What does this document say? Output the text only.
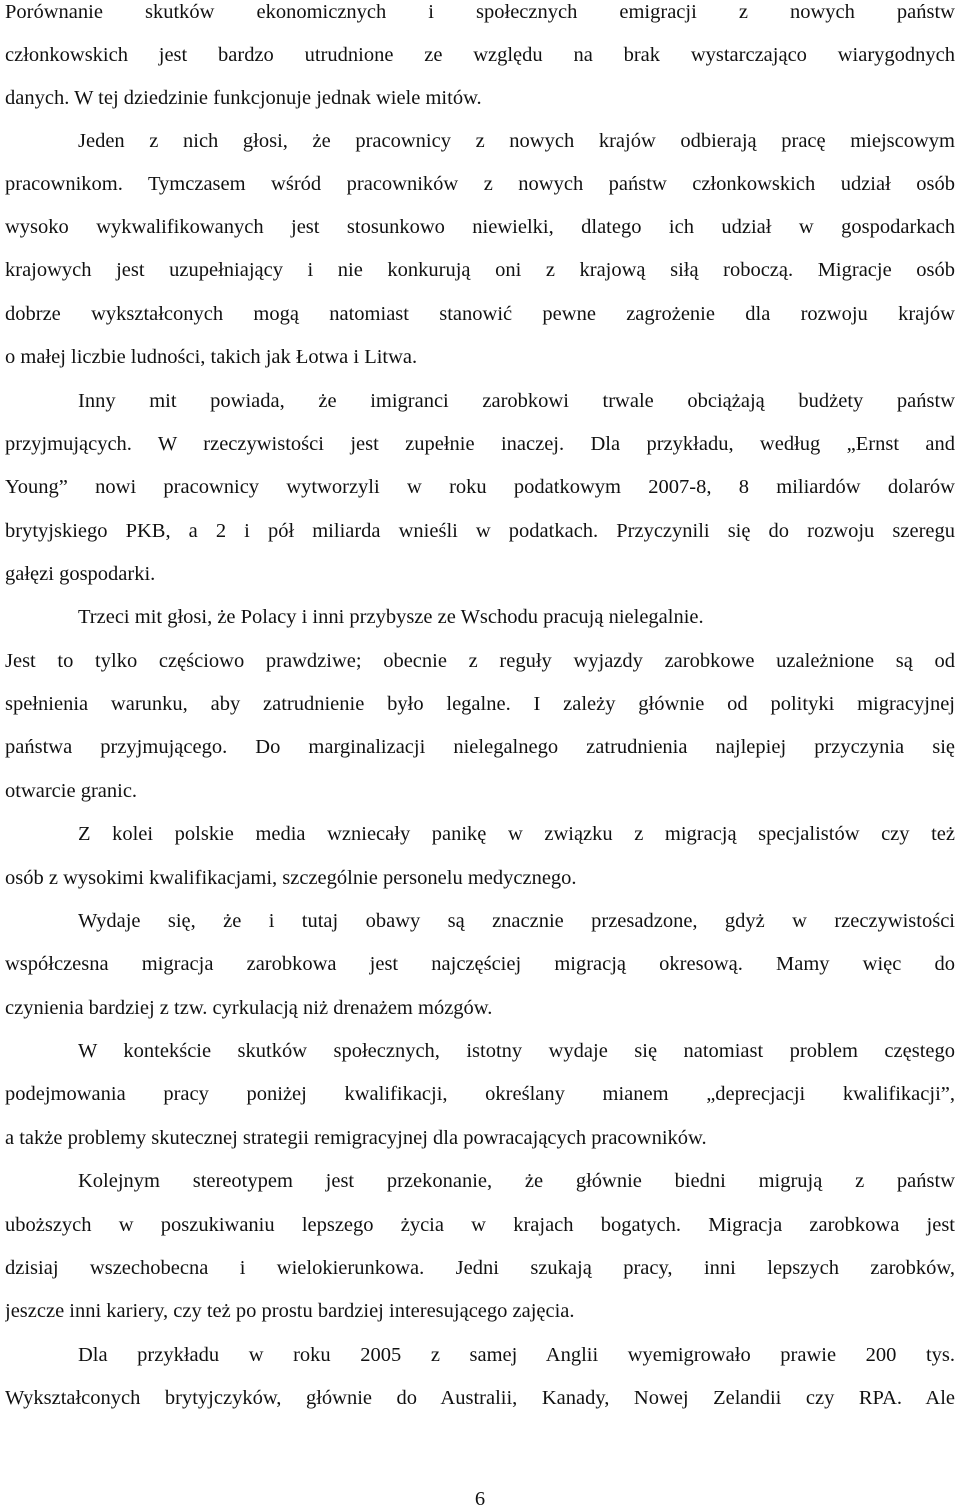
Porównanie skutków ekonomicznych i społecznych emigracji z nowych państw
członkowskich jest bardzo utrudnione ze względu na brak wystarczająco wiarygodnych
danych. W tej dziedzinie funkcjonuje jednak wiele mitów.
Jeden z nich głosi, że pracownicy z nowych krajów odbierają pracę miejscowym
pracownikom. Tymczasem wśród pracowników z nowych państw członkowskich udział osób
wysoko wykwalifikowanych jest stosunkowo niewielki, dlatego ich udział w gospodarkach
krajowych jest uzupełniający i nie konkurują oni z krajową siłą roboczą. Migracje osób
dobrze wykształconych mogą natomiast stanowić pewne zagrożenie dla rozwoju krajów
o małej liczbie ludności, takich jak Łotwa i Litwa.
Inny mit powiada, że imigranci zarobkowi trwale obciążają budżety państw
przyjmujących. W rzeczywistości jest zupełnie inaczej. Dla przykładu, według „Ernst and
Young” nowi pracownicy wytworzyli w roku podatkowym 2007-8, 8 miliardów dolarów
brytyjskiego PKB, a 2 i pół miliarda wnieśli w podatkach. Przyczynili się do rozwoju szeregu
gałęzi gospodarki.
Trzeci mit głosi, że Polacy i inni przybysze ze Wschodu pracują nielegalnie.
Jest to tylko częściowo prawdziwe; obecnie z reguły wyjazdy zarobkowe uzależnione są od
spełnienia warunku, aby zatrudnienie było legalne. I zależy głównie od polityki migracyjnej
państwa przyjmującego. Do marginalizacji nielegalnego zatrudnienia najlepiej przyczynia się
otwarcie granic.
Z kolei polskie media wzniecały panikę w związku z migracją specjalistów czy też
osób z wysokimi kwalifikacjami, szczególnie personelu medycznego.
Wydaje się, że i tutaj obawy są znacznie przesadzone, gdyż w rzeczywistości
współczesna migracja zarobkowa jest najczęściej migracją okresową. Mamy więc do
czynienia bardziej z tzw. cyrkulacją niż drenażem mózgów.
W kontekście skutków społecznych, istotny wydaje się natomiast problem częstego
podejmowania pracy poniżej kwalifikacji, określany mianem „deprecjacji kwalifikacji”,
a także problemy skutecznej strategii remigracyjnej dla powracających pracowników.
Kolejnym stereotypem jest przekonanie, że głównie biedni migrują z państw
uboższych w poszukiwaniu lepszego życia w krajach bogatych. Migracja zarobkowa jest
dzisiaj wszechobecna i wielokierunkowa. Jedni szukają pracy, inni lepszych zarobków,
jeszcze inni kariery, czy też po prostu bardziej interesującego zajęcia.
Dla przykładu w roku 2005 z samej Anglii wyemigrowało prawie 200 tys.
Wykształconych brytyjczyków, głównie do Australii, Kanady, Nowej Zelandii czy RPA. Ale
6
